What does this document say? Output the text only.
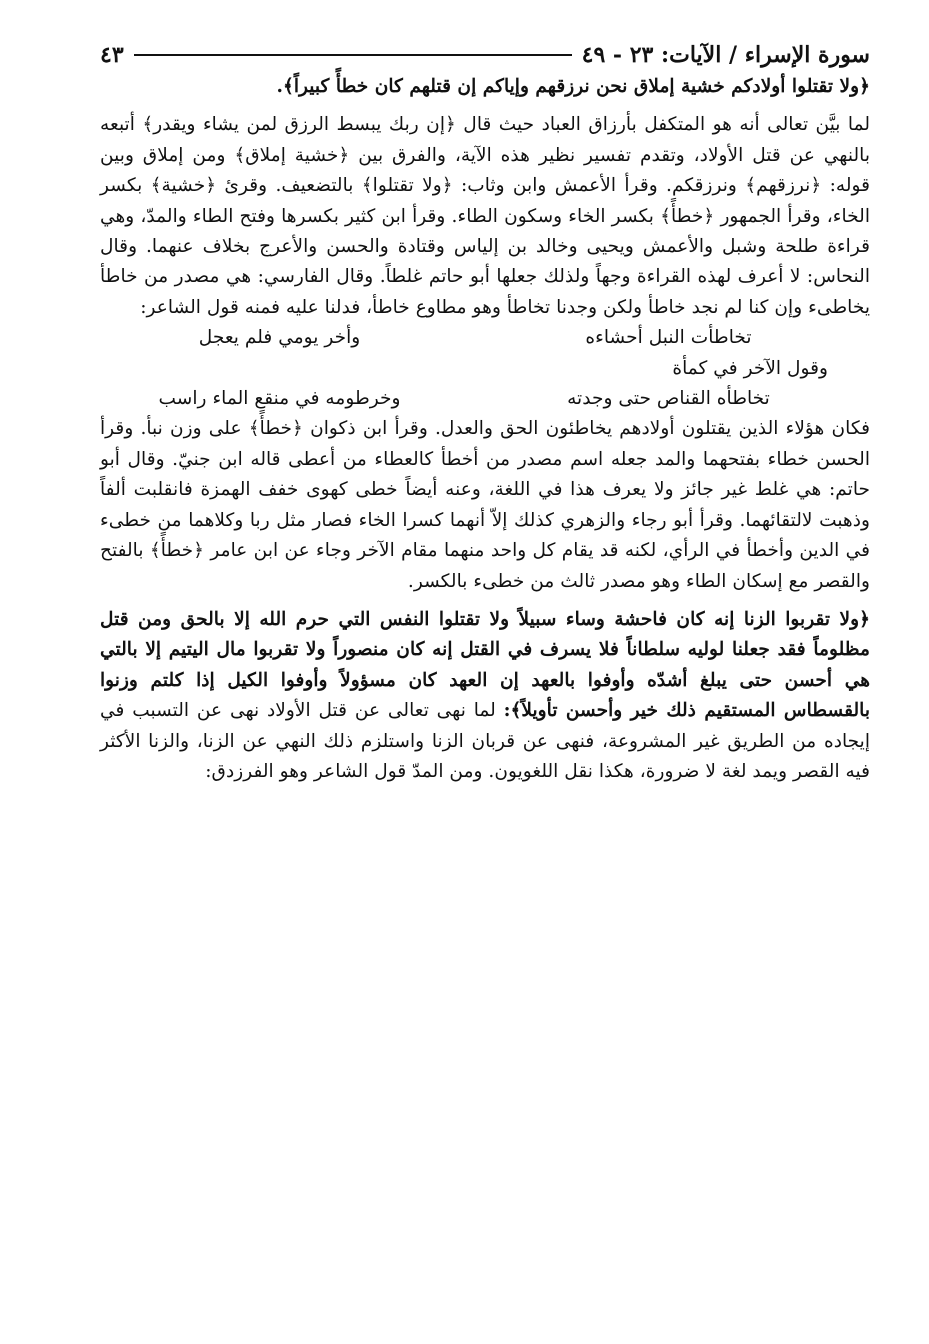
سورة الإسراء / الآيات: ٢٣ - ٤٩
٤٣

﴿ولا تقتلوا أولادكم خشية إملاق نحن نرزقهم وإياكم إن قتلهم كان خطأً كبيراً﴾.

لما بيَّن تعالى أنه هو المتكفل بأرزاق العباد حيث قال ﴿إن ربك يبسط الرزق لمن يشاء ويقدر﴾ أتبعه بالنهي عن قتل الأولاد، وتقدم تفسير نظير هذه الآية، والفرق بين ﴿خشية إملاق﴾ ومن إملاق وبين قوله: ﴿نرزقهم﴾ ونرزقكم. وقرأ الأعمش وابن وثاب: ﴿ولا تقتلوا﴾ بالتضعيف. وقرئ ﴿خشية﴾ بكسر الخاء، وقرأ الجمهور ﴿خطأً﴾ بكسر الخاء وسكون الطاء. وقرأ ابن كثير بكسرها وفتح الطاء والمدّ، وهي قراءة طلحة وشبل والأعمش ويحيى وخالد بن إلياس وقتادة والحسن والأعرج بخلاف عنهما. وقال النحاس: لا أعرف لهذه القراءة وجهاً ولذلك جعلها أبو حاتم غلطاً. وقال الفارسي: هي مصدر من خاطأ يخاطىء وإن كنا لم نجد خاطأ ولكن وجدنا تخاطأ وهو مطاوع خاطأ، فدلنا عليه فمنه قول الشاعر:

تخاطأت النبل أحشاءه
وأخر يومي فلم يعجل
وقول الآخر في كمأة
تخاطأه القناص حتى وجدته
وخرطومه في منقع الماء راسب

فكان هؤلاء الذين يقتلون أولادهم يخاطئون الحق والعدل. وقرأ ابن ذكوان ﴿خطأً﴾ على وزن نبأ. وقرأ الحسن خطاء بفتحهما والمد جعله اسم مصدر من أخطأ كالعطاء من أعطى قاله ابن جنيّ. وقال أبو حاتم: هي غلط غير جائز ولا يعرف هذا في اللغة، وعنه أيضاً خطى كهوى خفف الهمزة فانقلبت ألفاً وذهبت لالتقائهما. وقرأ أبو رجاء والزهري كذلك إلاّ أنهما كسرا الخاء فصار مثل ربا وكلاهما من خطىء في الدين وأخطأ في الرأي، لكنه قد يقام كل واحد منهما مقام الآخر وجاء عن ابن عامر ﴿خطأً﴾ بالفتح والقصر مع إسكان الطاء وهو مصدر ثالث من خطىء بالكسر.

﴿ولا تقربوا الزنا إنه كان فاحشة وساء سبيلاً ولا تقتلوا النفس التي حرم الله إلا بالحق ومن قتل مظلوماً فقد جعلنا لوليه سلطاناً فلا يسرف في القتل إنه كان منصوراً ولا تقربوا مال اليتيم إلا بالتي هي أحسن حتى يبلغ أشدّه وأوفوا بالعهد إن العهد كان مسؤولاً وأوفوا الكيل إذا كلتم وزنوا بالقسطاس المستقيم ذلك خير وأحسن تأويلاً﴾: لما نهى تعالى عن قتل الأولاد نهى عن التسبب في إيجاده من الطريق غير المشروعة، فنهى عن قربان الزنا واستلزم ذلك النهي عن الزنا، والزنا الأكثر فيه القصر ويمد لغة لا ضرورة، هكذا نقل اللغويون. ومن المدّ قول الشاعر وهو الفرزدق:
